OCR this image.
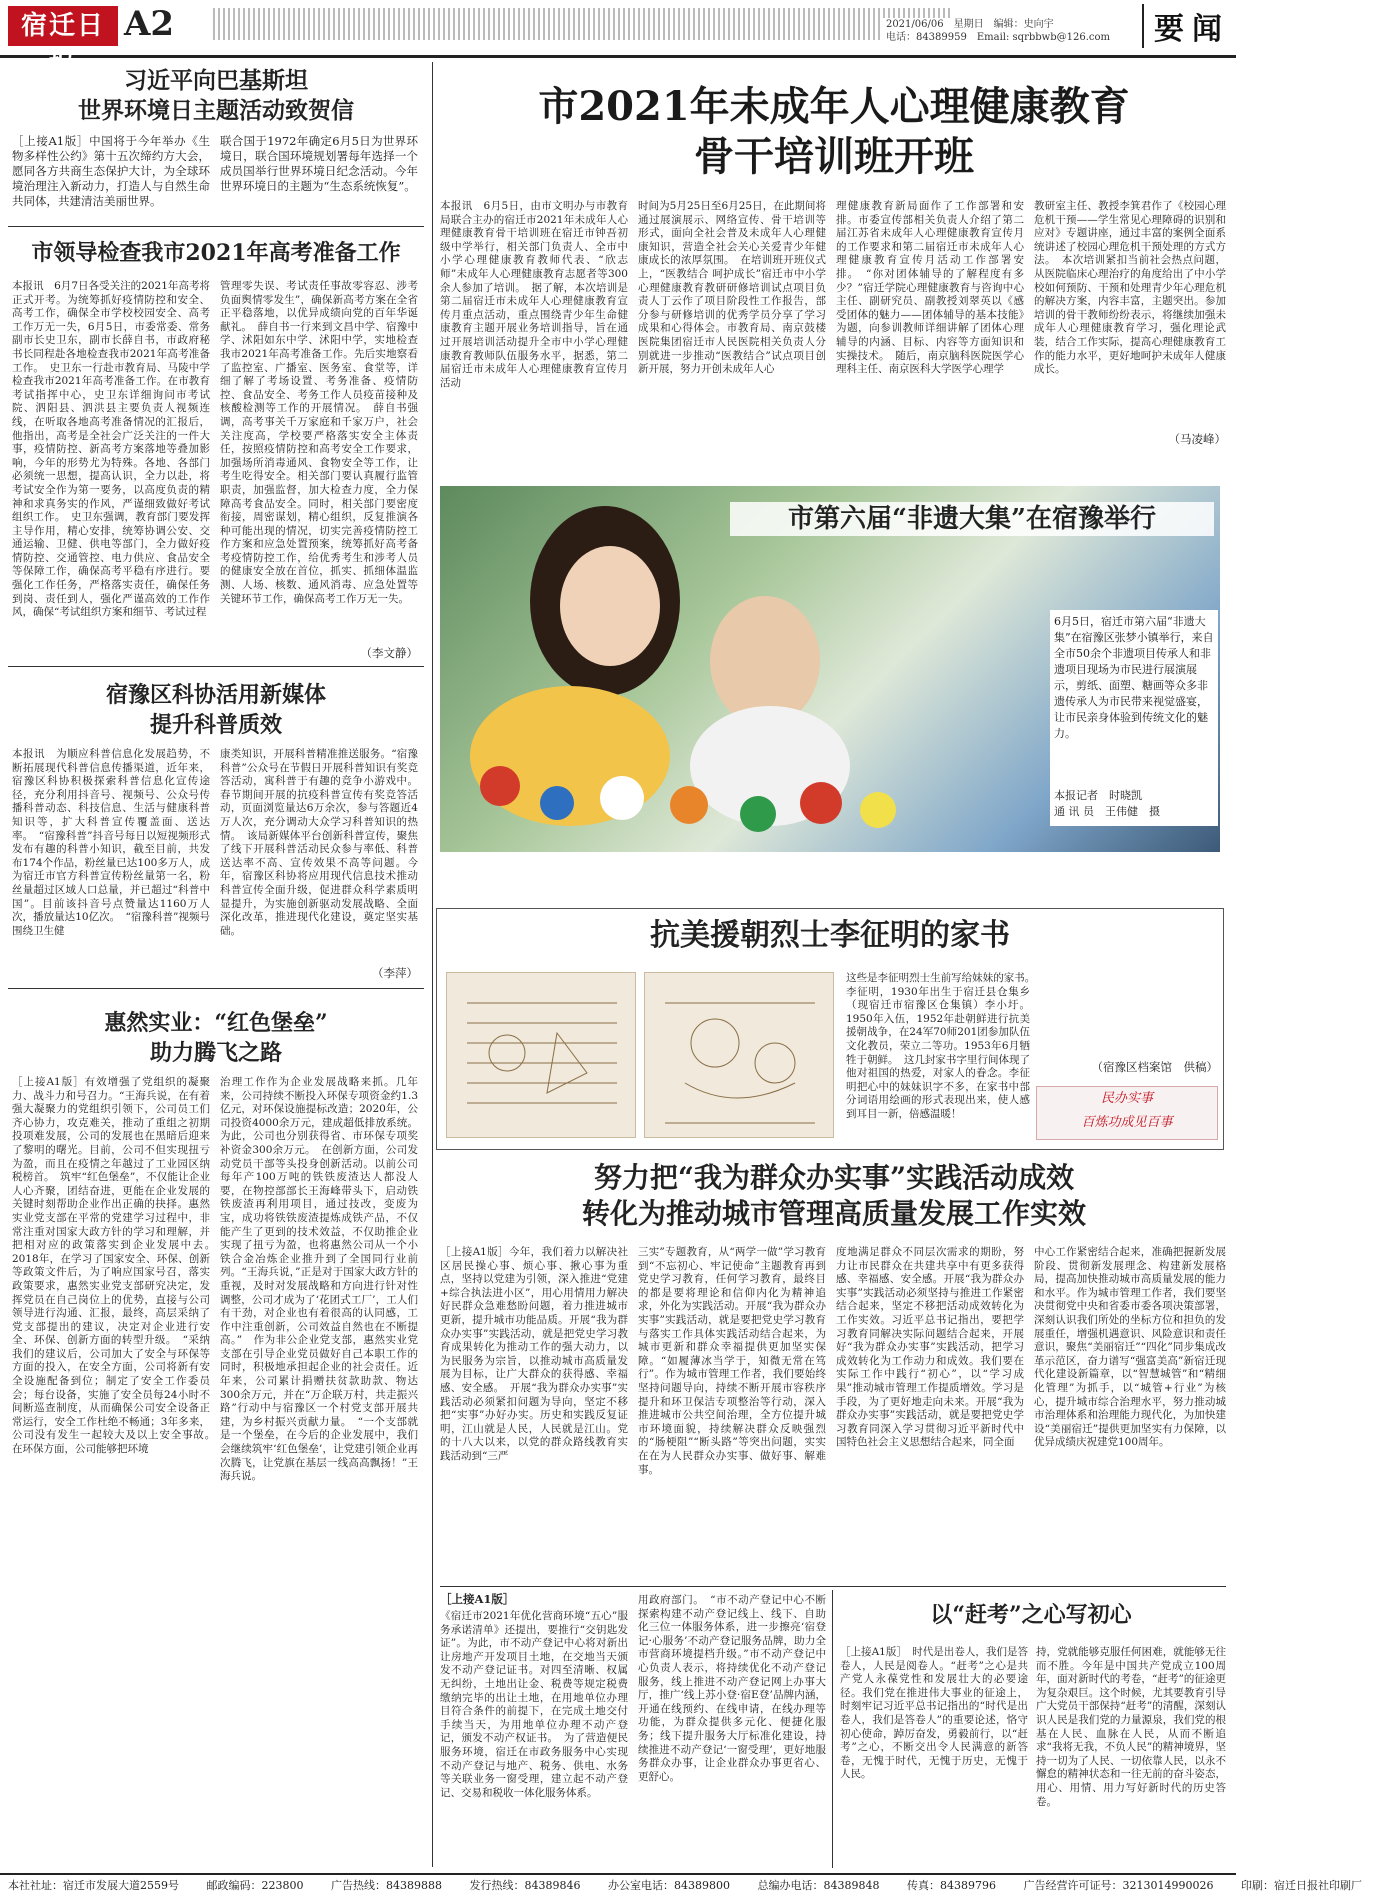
宿迁日报
A2	2021/06/06　星期日　编辑：史向宇
电话：84389959　Email: sqrbbwb@126.com	要闻
习近平向巴基斯坦
世界环境日主题活动致贺信
［上接A1版］中国将于今年举办《生物多样性公约》第十五次缔约方大会，愿同各方共商生态保护大计，为全球环境治理注入新动力，打造人与自然生命共同体，共建清洁美丽世界。
联合国于1972年确定6月5日为世界环境日，联合国环境规划署每年选择一个成员国举行世界环境日纪念活动。今年世界环境日的主题为“生态系统恢复”。
市领导检查我市2021年高考准备工作
本报讯　6月7日各受关注的2021年高考将正式开考。为统筹抓好疫情防控和安全、高考工作，确保全市学校校园安全、高考工作万无一失，6月5日，市委常委、常务副市长史卫东，副市长薛自书，市政府秘书长同程赴各地检查我市2021年高考准备工作。　史卫东一行赴市教育局、马陵中学检查我市2021年高考准备工作。在市教育考试指挥中心，史卫东详细询问市考试院、泗阳县、泗洪县主要负责人视频连线，在听取各地高考准备情况的汇报后，他指出，高考是全社会广泛关注的一件大事，疫情防控、新高考方案落地等叠加影响，今年的形势尤为特殊。各地、各部门必须统一思想，提高认识，全力以赴，将考试安全作为第一要务，以高度负责的精神和求真务实的作风，严谨细致做好考试组织工作。　史卫东强调，教育部门要发挥主导作用，精心安排，统筹协调公安、交通运输、卫健、供电等部门，全力做好疫情防控、交通管控、电力供应、食品安全等保障工作，确保高考平稳有序进行。要强化工作任务，严格落实责任，确保任务到岗、责任到人，强化严谨高效的工作作风，确保“考试组织方案和细节、考试过程
管理零失误、考试责任事故零容忍、涉考负面舆情零发生”，确保新高考方案在全省正平稳落地，以优异成绩向党的百年华诞献礼。　薛自书一行来到文昌中学、宿豫中学、沭阳如东中学、沭阳中学，实地检查我市2021年高考准备工作。先后实地察看了监控室、广播室、医务室、食堂等，详细了解了考场设置、考务准备、疫情防控、食品安全、考务工作人员疫苗接种及核酸检测等工作的开展情况。　薛自书强调，高考事关千万家庭和千家万户，社会关注度高，学校要严格落实安全主体责任，按照疫情防控和高考安全工作要求，加强场所消毒通风、食物安全等工作，让考生吃得安全。相关部门要认真履行监管职责，加强监督，加大检查力度，全力保障高考食品安全。同时，相关部门要密度衔接，周密谋划，精心组织，反复推演各种可能出现的情况，切实完善疫情防控工作方案和应急处置预案，统筹抓好高考备考疫情防控工作，给优秀考生和涉考人员的健康安全放在首位，抓实、抓细体温监测、人场、核数、通风消毒、应急处置等关键环节工作，确保高考工作万无一失。
（李文静）
宿豫区科协活用新媒体
提升科普质效
本报讯　为顺应科普信息化发展趋势，不断拓展现代科普信息传播渠道，近年来，宿豫区科协积极探索科普信息化宣传途径，充分利用抖音号、视频号、公众号传播科普动态、科技信息、生活与健康科普知识等，扩大科普宣传覆盖面、送达率。　“宿豫科普”抖音号每日以短视频形式发布有趣的科普小知识，截至目前，共发布174个作品，粉丝量已达100多万人，成为宿迁市官方科普宣传粉丝量第一名，粉丝量超过区域人口总量，并已超过“科普中国”。目前该抖音号点赞量达1160万人次，播放量达10亿次。　“宿豫科普”视频号围绕卫生健
康类知识，开展科普精准推送服务。“宿豫科普”公众号在节假日开展科普知识有奖竞答活动，寓科普于有趣的竞争小游戏中。春节期间开展的抗疫科普宣传有奖竞答活动，页面浏览量达6万余次，参与答题近4万人次，充分调动大众学习科普知识的热情。　该局新媒体平台创新科普宣传，聚焦了线下开展科普活动民众参与率低、科普送达率不高、宣传效果不高等问题。今年，宿豫区科协将应用现代信息技术推动科普宣传全面升级，促进群众科学素质明显提升，为实施创新驱动发展战略、全面深化改革，推进现代化建设，奠定坚实基础。
（李萍）
惠然实业：“红色堡垒”
助力腾飞之路
［上接A1版］有效增强了党组织的凝聚力、战斗力和号召力。“王海兵说，在有着强大凝聚力的党组织引领下，公司员工们齐心协力，攻克难关，推动了重组之初期投项难发展，公司的发展也在黑暗后迎来了黎明的曙光。目前，公司不但实现扭亏为盈，而且在疫情之年越过了工业园区纳税榜首。　筑牢“红色堡垒”，不仅能让企业人心齐聚，团结奋进，更能在企业发展的关键时刻帮助企业作出正确的抉择。惠然实业党支部在平常的党建学习过程中，非常注重对国家大政方针的学习和理解，并把相对应的政策落实到企业发展中去。　2018年，在学习了国家安全、环保、创新等政策文件后，为了响应国家号召，落实政策要求，惠然实业党支部研究决定，发挥党员在自己岗位上的优势，直接与公司领导进行沟通、汇报，最终，高层采纳了党支部提出的建议，决定对企业进行安全、环保、创新方面的转型升级。　“采纳我们的建议后，公司加大了安全与环保等方面的投入，在安全方面，公司将新有安全设施配备到位；制定了安全工作委员会；每台设备，实施了安全员每24小时不间断巡查制度，从而确保公司安全设备正常运行，安全工作杜绝不畅通；3年多来，公司没有发生一起较大及以上安全事故。　在环保方面，公司能够把环境
治理工作作为企业发展战略来抓。几年来，公司持续不断投入环保专项资金约1.3亿元，对环保设施提标改造；2020年，公司投资4000余万元，建成超低排放系统。为此，公司也分别获得省、市环保专项奖补资金300余万元。　在创新方面，公司发动党员干部等头投身创新活动。以前公司每年产100万吨的铁铁废渣达人都没人要，在物控部部长王海峰带头下，启动铁铁废渣再利用项目，通过技改，变废为宝，成功将铁铁废渣提炼成铁产品，不仅能产生了更到的技术效益，不仅助推企业实现了扭亏为盈，也将惠然公司从一个小铁合金冶炼企业推升到了全国同行业前列。“王海兵说，”正是对于国家大政方针的重视，及时对发展战略和方向进行针对性调整，公司才成为了‘花团式工厂’，工人们有干劲，对企业也有着很高的认同感，工作中注重创新，公司效益自然也在不断提高。”　作为非公企业党支部，惠然实业党支部在引导企业党员做好自己本职工作的同时，积极地承担起企业的社会责任。近年来，公司累计捐赠扶贫款助款、物达300余万元，并在“万企联万村，共走振兴路”行动中与宿豫区一个村党支部开展共建，为乡村振兴贡献力量。　“一个支部就是一个堡垒，在今后的企业发展中，我们会继续筑牢‘红色堡垒’，让党建引领企业再次腾飞，让党旗在基层一线高高飘扬！”王海兵说。
市2021年未成年人心理健康教育
骨干培训班开班
本报讯　6月5日，由市文明办与市教育局联合主办的宿迁市2021年未成年人心理健康教育骨干培训班在宿迁市钟吾初级中学举行，相关部门负责人、全市中小学心理健康教育教师代表、“欣志师”未成年人心理健康教育志愿者等300余人参加了培训。　据了解，本次培训是第二届宿迁市未成年人心理健康教育宣传月重点活动，重点围绕青少年生命健康教育主题开展业务培训指导，旨在通过开展培训活动提升全市中小学心理健康教育教师队伍服务水平，据悉，第二届宿迁市未成年人心理健康教育宣传月活动
时间为5月25日至6月25日，在此期间将通过展演展示、网络宣传、骨干培训等形式，面向全社会普及未成年人心理健康知识，营造全社会关心关爱青少年健康成长的浓厚氛围。　在培训班开班仪式上，“医教结合 呵护成长”宿迁市中小学心理健康教育教研研修培训试点项目负责人丁云作了项目阶段性工作报告，部分参与研修培训的优秀学员分享了学习成果和心得体会。市教育局、南京鼓楼医院集团宿迁市人民医院相关负责人分别就进一步推动“医教结合”试点项目创新开展，努力开创未成年人心
理健康教育新局面作了工作部署和安排。市委宣传部相关负责人介绍了第二届江苏省未成年人心理健康教育宣传月的工作要求和第二届宿迁市未成年人心理健康教育宣传月活动工作部署安排。　“你对团体辅导的了解程度有多少？”宿迁学院心理健康教育与咨询中心主任、副研究员、副教授刘翠英以《感受团体的魅力——团体辅导的基本技能》为题，向参训教师详细讲解了团体心理辅导的内涵、目标、内容等方面知识和实操技术。　随后，南京脑科医院医学心理科主任、南京医科大学医学心理学
教研室主任、教授李箕君作了《校园心理危机干预——学生常见心理障碍的识别和应对》专题讲座，通过丰富的案例全面系统讲述了校园心理危机干预处理的方式方法。　本次培训紧扣当前社会热点问题，从医院临床心理治疗的角度给出了中小学校如何预防、干预和处理青少年心理危机的解决方案，内容丰富，主题突出。参加培训的骨干教师纷纷表示，将继续加强未成年人心理健康教育学习，强化理论武装，结合工作实际，提高心理健康教育工作的能力水平，更好地呵护未成年人健康成长。
（马凌峰）
市第六届“非遗大集”在宿豫举行
6月5日，宿迁市第六届“非遗大集”在宿豫区张梦小镇举行，来自全市50余个非遗项目传承人和非遗项目现场为市民进行展演展示，剪纸、面塑、糖画等众多非遗传承人为市民带来视觉盛宴，让市民亲身体验到传统文化的魅力。
本报记者　时晓凯
通 讯 员　王伟健　摄
抗美援朝烈士李征明的家书
这些是李征明烈士生前写给妹妹的家书。　李征明，1930年出生于宿迁县仓集乡（现宿迁市宿豫区仓集镇）李小圩。1950年入伍，1952年赴朝鲜进行抗美援朝战争，在24军70师201团参加队伍文化教员，荣立二等功。1953年6月牺牲于朝鲜。　这几封家书字里行间体现了他对祖国的热爱，对家人的眷念。李征明把心中的妹妹识字不多，在家书中部分词语用绘画的形式表现出来，使人感到耳目一新，倍感温暖！
（宿豫区档案馆　供稿）
民办实事
百炼功成见百事
努力把“我为群众办实事”实践活动成效
转化为推动城市管理高质量发展工作实效
［上接A1版］今年，我们着力以解决社区居民操心事、烦心事、揪心事为重点，坚持以党建为引领，深入推进“党建+综合执法进小区”，用心用情用力解决好民群众急难愁盼问题，着力推进城市更新，提升城市功能品质。开展“我为群众办实事”实践活动，就是把党史学习教育成果转化为推动工作的强大动力，以为民服务为宗旨，以推动城市高质量发展为目标，让广大群众的获得感、幸福感、安全感。　开展“我为群众办实事”实践活动必须紧扣问题为导向，坚定不移把“实事”办好办实。历史和实践反复证明，江山就是人民，人民就是江山。党的十八大以来，以党的群众路线教育实践活动到“三严
三实”专题教育，从“两学一做”学习教育到“不忘初心、牢记使命”主题教育再到党史学习教育，任何学习教育，最终目的都是要将理论和信仰内化为精神追求，外化为实践活动。开展“我为群众办实事”实践活动，就是要把党史学习教育与落实工作具体实践活动结合起来，为城市更新和群众幸福提供更加坚实保障。“如履薄冰当学于，知微无常在笃行”。作为城市管理工作者，我们要始终坚持问题导向，持续不断开展市容秩序提升和环卫保洁专项整治等行动，深入推进城市公共空间治理，全方位提升城市环境面貌，持续解决群众反映强烈的“肠梗阻”“断头路”等突出问题，实实在在为人民群众办实事、做好事、解难事。
度地满足群众不同层次需求的期盼，努力让市民群众在共建共享中有更多获得感、幸福感、安全感。开展“我为群众办实事”实践活动必须坚持与推进工作紧密结合起来，坚定不移把活动成效转化为工作实效。习近平总书记指出，要把学习教育同解决实际问题结合起来，开展好“我为群众办实事”实践活动，把学习成效转化为工作动力和成效。我们要在实际工作中践行“初心”，以“学习成果”推动城市管理工作提质增效。学习是手段，为了更好地走向未来。开展“我为群众办实事”实践活动，就是要把党史学习教育同深入学习贯彻习近平新时代中国特色社会主义思想结合起来，同全面
中心工作紧密结合起来，准确把握新发展阶段、贯彻新发展理念、构建新发展格局，提高加快推动城市高质量发展的能力和水平。作为城市管理工作者，我们要坚决贯彻党中央和省委市委各项决策部署，深刻认识我们所处的坐标方位和担负的发展重任，增强机遇意识、风险意识和责任意识，聚焦“美丽宿迁”“四化”同步集成改革示范区，奋力谱写“强富美高”新宿迁现代化建设新篇章，以“智慧城管”和“精细化管理”为抓手，以“城管+行业”为核心，提升城市综合治理水平，努力推动城市治理体系和治理能力现代化，为加快建设“美丽宿迁”提供更加坚实有力保障，以优异成绩庆祝建党100周年。
［上接A1版］
《宿迁市2021年优化营商环境“五心”服务承诺清单》还提出，要推行“交钥匙发证”。为此，市不动产登记中心将对新出让房地产开发项目土地，在交地当天颁发不动产登记证书。对四至清晰、权属无纠纷，土地出让金、税费等规定税费缴纳完毕的出让土地，在用地单位办理目符合条件的前提下，在完成土地交付手续当天，为用地单位办理不动产登记，颁发不动产权证书。　为了营造便民服务环境，宿迁在市政务服务中心实现不动产登记与地产、税务、供电、水务等关联业务一窗受理，建立起不动产登记、交易和税收一体化服务体系。
用政府部门。　“市不动产登记中心不断探索构建不动产登记线上、线下、自助化三位一体服务体系，进一步擦亮‘宿登记·心服务’不动产登记服务品牌，助力全市营商环境提档升级。”市不动产登记中心负责人表示，将持续优化不动产登记服务，线上推进不动产登记网上办事大厅，推广‘线上苏小登·宿E登’品牌内涵，开通在线预约、在线申请，在线办理等功能，为群众提供多元化、便捷化服务；线下提升服务大厅标准化建设，持续推进不动产登记‘一窗受理’，更好地服务群众办事，让企业群众办事更省心、更舒心。
以“赶考”之心写初心
［上接A1版］　时代是出卷人，我们是答卷人，人民是阅卷人。“赶考”之心是共产党人永葆党性和发展壮大的必要途径。我们党在推进伟大事业的征途上，时刻牢记习近平总书记指出的“时代是出卷人，我们是答卷人”的重要论述，恪守初心使命，踔厉奋发，勇毅前行，以“赶考”之心，不断交出令人民满意的新答卷，无愧于时代，无愧于历史，无愧于人民。
持，党就能够克服任何困难，就能够无往而不胜。今年是中国共产党成立100周年，面对新时代的考卷，“赶考”的征途更为复杂艰巨。这个时候，尤其要教育引导广大党员干部保持“赶考”的清醒，深刻认识人民是我们党的力量源泉，我们党的根基在人民、血脉在人民，从而不断追求“我将无我，不负人民”的精神境界，坚持一切为了人民、一切依靠人民，以永不懈怠的精神状态和一往无前的奋斗姿态，用心、用情、用力写好新时代的历史答卷。
本社社址：宿迁市发展大道2559号	邮政编码：223800	广告热线：84389888	发行热线：84389846	办公室电话：84389800	总编办电话：84389848	传真：84389796	广告经营许可证号：3213014990026	印刷：宿迁日报社印刷厂
